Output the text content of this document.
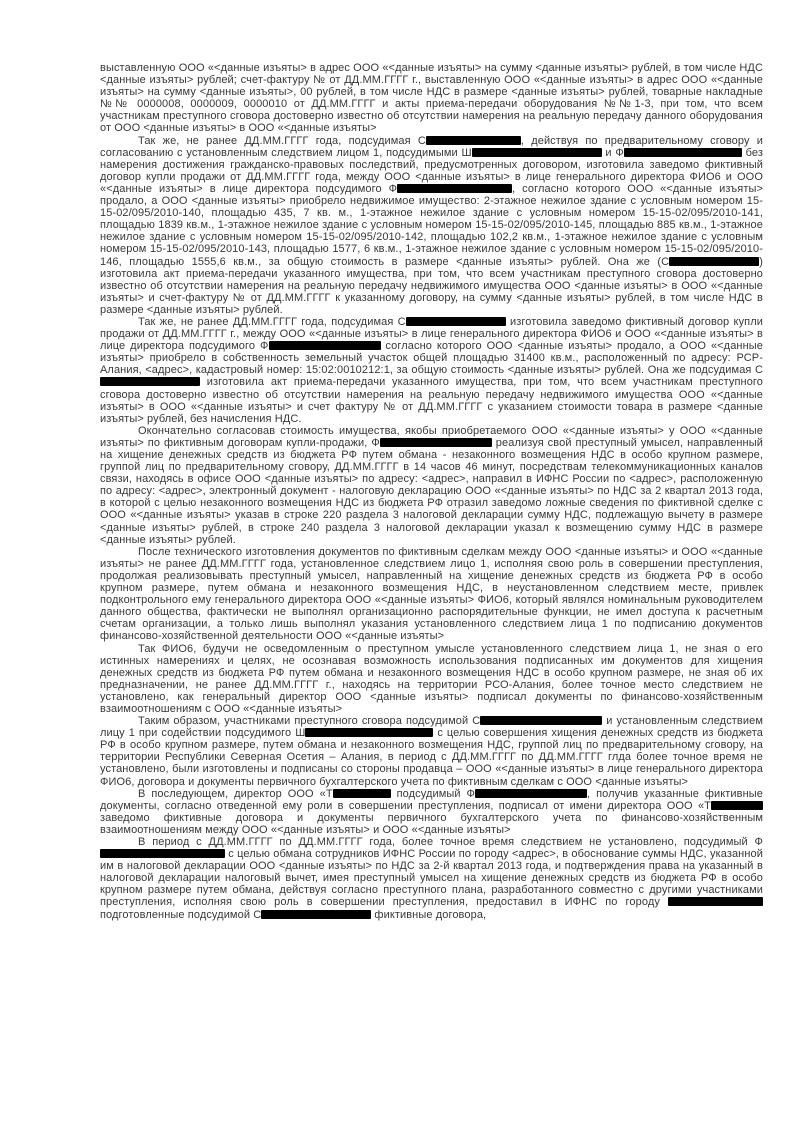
выставленную ООО «<данные изъяты> в адрес ООО «<данные изъяты> на сумму <данные изъяты> рублей, в том числе НДС <данные изъяты> рублей; счет-фактуру № от ДД.ММ.ГГГГ г., выставленную ООО «<данные изъяты> в адрес ООО «<данные изъяты> на сумму <данные изъяты>, 00 рублей, в том числе НДС в размере <данные изъяты> рублей, товарные накладные №№ 0000008, 0000009, 0000010 от ДД.ММ.ГГГГ и акты приема-передачи оборудования №№1-3, при том, что всем участникам преступного сговора достоверно известно об отсутствии намерения на реальную передачу данного оборудования от ООО <данные изъяты> в ООО «<данные изъяты>

Так же, не ранее ДД.ММ.ГГГГ года, подсудимая С	, действуя по предварительному сговору и согласованию с установленным следствием лицом 1, подсудимыми Ш	и Ф	без намерения достижения гражданско-правовых последствий, предусмотренных договором, изготовила заведомо фиктивный договор купли продажи от ДД.ММ.ГГГГ года, между ООО <данные изъяты> в лице генерального директора ФИО6 и ООО «<данные изъяты> в лице директора подсудимого Ф	, согласно которого ООО «<данные изъяты> продало, а ООО <данные изъяты> приобрело недвижимое имущество: 2-этажное нежилое здание с условным номером 15-15-02/095/2010-140, площадью 435, 7 кв. м., 1-этажное нежилое здание с условным номером 15-15-02/095/2010-141, площадью 1839 кв.м., 1-этажное нежилое здание с условным номером 15-15-02/095/2010-145, площадью 885 кв.м., 1-этажное нежилое здание с условным номером 15-15-02/095/2010-142, площадью 102,2 кв.м., 1-этажное нежилое здание с условным номером 15-15-02/095/2010-143, площадью 1577, 6 кв.м., 1-этажное нежилое здание с условным номером 15-15-02/095/2010-146, площадью 1555,6 кв.м., за общую стоимость в размере <данные изъяты> рублей. Она же (С	) изготовила акт приема-передачи указанного имущества, при том, что всем участникам преступного сговора достоверно известно об отсутствии намерения на реальную передачу недвижимого имущества ООО <данные изъяты> в ООО «<данные изъяты> и счет-фактуру № от ДД.ММ.ГГГГ к указанному договору, на сумму <данные изъяты> рублей, в том числе НДС в размере <данные изъяты> рублей.

Так же, не ранее ДД.ММ.ГГГГ года, подсудимая С	изготовила заведомо фиктивный договор купли продажи от ДД.ММ.ГГГГ г., между ООО «<данные изъяты> в лице генерального директора ФИО6 и ООО «<данные изъяты> в лице директора подсудимого Ф	согласно которого ООО <данные изъяты> продало, а ООО «<данные изъяты> приобрело в собственность земельный участок общей площадью 31400 кв.м., расположенный по адресу: РСР-Алания, <адрес>, кадастровый номер: 15:02:0010212:1, за общую стоимость <данные изъяты> рублей. Она же подсудимая С изготовила акт приема-передачи указанного имущества, при том, что всем участникам преступного сговора достоверно известно об отсутствии намерения на реальную передачу недвижимого имущества ООО «<данные изъяты> в ООО «<данные изъяты> и счет фактуру № от ДД.ММ.ГГГГ с указанием стоимости товара в размере <данные изъяты> рублей, без начисления НДС.

Окончательно согласовав стоимость имущества, якобы приобретаемого ООО «<данные изъяты> у ООО «<данные изъяты> по фиктивным договорам купли-продажи, Ф	реализуя свой преступный умысел, направленный на хищение денежных средств из бюджета РФ путем обмана - незаконного возмещения НДС в особо крупном размере, группой лиц по предварительному сговору, ДД.ММ.ГГГГ в 14 часов 46 минут, посредствам телекоммуникационных каналов связи, находясь в офисе ООО <данные изъяты> по адресу: <адрес>, направил в ИФНС России по <адрес>, расположенную по адресу: <адрес>, электронный документ - налоговую декларацию ООО «<данные изъяты> по НДС за 2 квартал 2013 года, в которой с целью незаконного возмещения НДС из бюджета РФ отразил заведомо ложные сведения по фиктивной сделке с ООО «<данные изъяты> указав в строке 220 раздела 3 налоговой декларации сумму НДС, подлежащую вычету в размере <данные изъяты> рублей, в строке 240 раздела 3 налоговой декларации указал к возмещению сумму НДС в размере <данные изъяты> рублей.

После технического изготовления документов по фиктивным сделкам между ООО <данные изъяты> и ООО «<данные изъяты> не ранее ДД.ММ.ГГГГ года, установленное следствием лицо 1, исполняя свою роль в совершении преступления, продолжая реализовывать преступный умысел, направленный на хищение денежных средств из бюджета РФ в особо крупном размере, путем обмана и незаконного возмещения НДС, в неустановленном следствием месте, привлек подконтрольного ему генерального директора ООО «<данные изъяты> ФИО6, который являлся номинальным руководителем данного общества, фактически не выполнял организационно распорядительные функции, не имел доступа к расчетным счетам организации, а только лишь выполнял указания установленного следствием лица 1 по подписанию документов финансово-хозяйственной деятельности ООО «<данные изъяты>

Так ФИО6, будучи не осведомленным о преступном умысле установленного следствием лица 1, не зная о его истинных намерениях и целях, не осознавая возможность использования подписанных им документов для хищения денежных средств из бюджета РФ путем обмана и незаконного возмещения НДС в особо крупном размере, не зная об их предназначении, не ранее ДД.ММ.ГГГГ г., находясь на территории РСО-Алания, более точное место следствием не установлено, как генеральный директор ООО <данные изъяты> подписал документы по финансово-хозяйственным взаимоотношениям с ООО «<данные изъяты>

Таким образом, участниками преступного сговора подсудимой С	и установленным следствием лицу 1 при содействии подсудимого Ш	с целью совершения хищения денежных средств из бюджета РФ в особо крупном размере, путем обмана и незаконного возмещения НДС, группой лиц по предварительному сговору, на территории Республики Северная Осетия – Алания, в период с ДД.ММ.ГГГГ по ДД.ММ.ГГГГ глда более точное время не установлено, были изготовлены и подписаны со стороны продавца – ООО «<данные изъяты> в лице генерального директора ФИО6, договора и документы первичного бухгалтерского учета по фиктивным сделкам с ООО <данные изъяты>

В последующем, директор ООО «Т	подсудимый Ф	, получив указанные фиктивные документы, согласно отведенной ему роли в совершении преступления, подписал от имени директора ООО «Т заведомо фиктивные договора и документы первичного бухгалтерского учета по финансово-хозяйственным взаимоотношениям между ООО «<данные изъяты> и ООО «<данные изъяты>

В период с ДД.ММ.ГГГГ по ДД.ММ.ГГГГ года, более точное время следствием не установлено, подсудимый Ф с целью обмана сотрудников ИФНС России по городу <адрес>, в обоснование суммы НДС, указанной им в налоговой декларации ООО <данные изъяты> по НДС за 2-й квартал 2013 года, и подтверждения права на указанный в налоговой декларации налоговый вычет, имея преступный умысел на хищение денежных средств из бюджета РФ в особо крупном размере путем обмана, действуя согласно преступного плана, разработанного совместно с другими участниками преступления, исполняя свою роль в совершении преступления, предоставил в ИФНС по городу  подготовленные подсудимой С	фиктивные договора,
